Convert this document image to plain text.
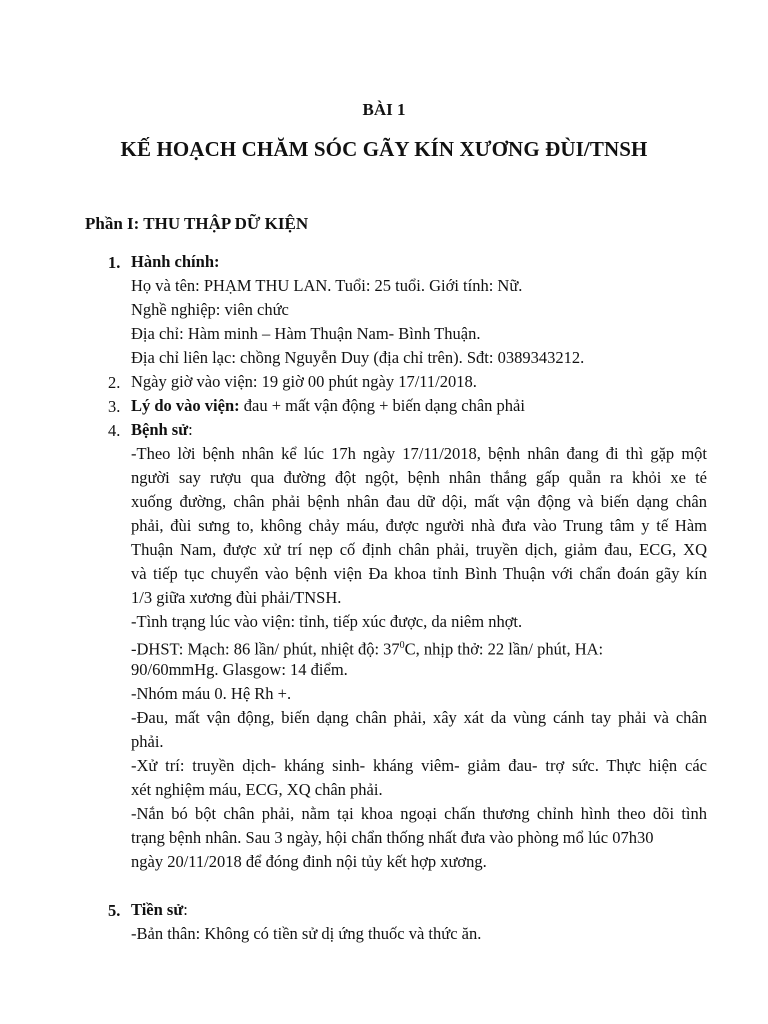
BÀI 1
KẾ HOẠCH CHĂM SÓC GÃY KÍN XƯƠNG ĐÙI/TNSH
Phần I: THU THẬP DỮ KIỆN
1. Hành chính:
Họ và tên: PHẠM THU LAN. Tuổi: 25 tuổi. Giới tính: Nữ.
Nghề nghiệp: viên chức
Địa chỉ: Hàm minh – Hàm Thuận Nam- Bình Thuận.
Địa chỉ liên lạc: chồng Nguyễn Duy (địa chỉ trên). Sđt: 0389343212.
2. Ngày giờ vào viện: 19 giờ 00 phút ngày 17/11/2018.
3. Lý do vào viện: đau + mất vận động + biến dạng chân phải
4. Bệnh sử:
-Theo lời bệnh nhân kể lúc 17h ngày 17/11/2018, bệnh nhân đang đi thì gặp một
người say rượu qua đường đột ngột, bệnh nhân thắng gấp quẵn ra khỏi xe té
xuống đường, chân phải bệnh nhân đau dữ dội, mất vận động và biến dạng chân
phải, đùi sưng to, không chảy máu, được người nhà đưa vào Trung tâm y tế Hàm
Thuận Nam, được xử trí nẹp cố định chân phải, truyền dịch, giảm đau, ECG, XQ
và tiếp tục chuyển vào bệnh viện Đa khoa tỉnh Bình Thuận với chẩn đoán gãy kín
1/3 giữa xương đùi phải/TNSH.
-Tình trạng lúc vào viện: tỉnh, tiếp xúc được, da niêm nhợt.
-DHST: Mạch: 86 lần/ phút, nhiệt độ: $37^0C$, nhịp thở: 22 lần/ phút, HA:
90/60mmHg. Glasgow: 14 điểm.
-Nhóm máu 0. Hệ Rh +.
-Đau, mất vận động, biến dạng chân phải, xây xát da vùng cánh tay phải và chân
phải.
-Xử trí: truyền dịch- kháng sinh- kháng viêm- giảm đau- trợ sức. Thực hiện các
xét nghiệm máu, ECG, XQ chân phải.
-Nắn bó bột chân phải, nằm tại khoa ngoại chấn thương chỉnh hình theo dõi tình
trạng bệnh nhân. Sau 3 ngày, hội chẩn thống nhất đưa vào phòng mổ lúc 07h30
ngày 20/11/2018 để đóng đinh nội tủy kết hợp xương.
5. Tiền sử:
-Bản thân: Không có tiền sử dị ứng thuốc và thức ăn.
